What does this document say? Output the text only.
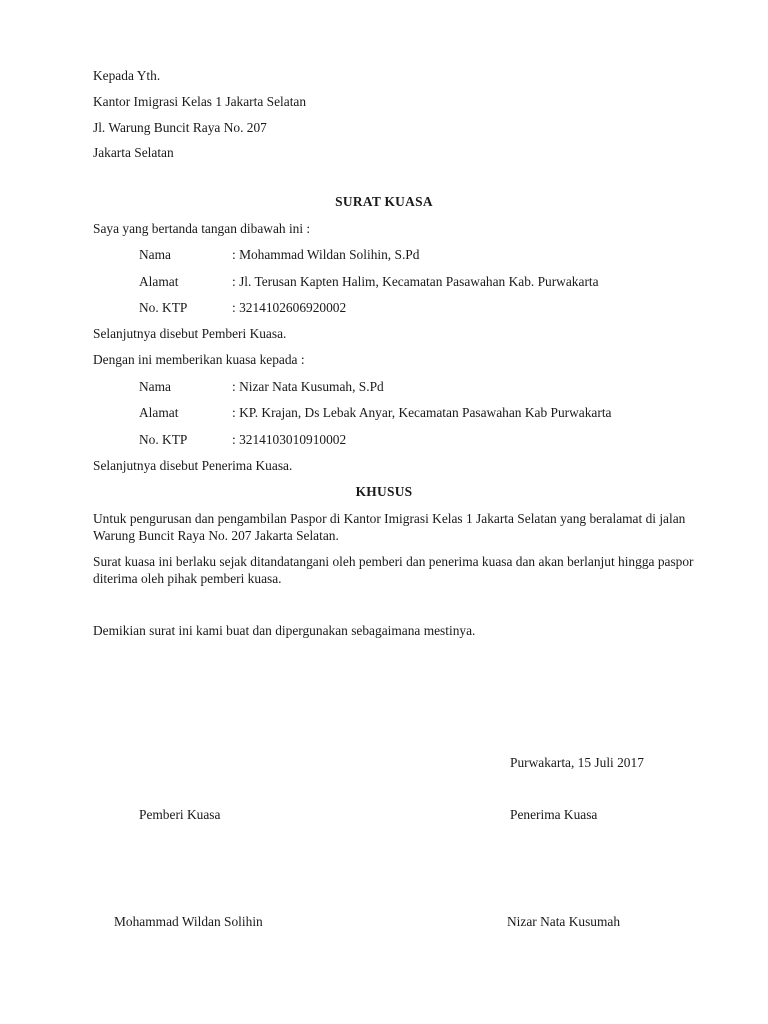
Kepada Yth.
Kantor Imigrasi Kelas 1 Jakarta Selatan
Jl. Warung Buncit Raya No. 207
Jakarta Selatan
SURAT KUASA
Saya yang bertanda tangan dibawah ini :
Nama	: Mohammad Wildan Solihin, S.Pd
Alamat	: Jl. Terusan Kapten Halim, Kecamatan Pasawahan Kab. Purwakarta
No. KTP	: 3214102606920002
Selanjutnya disebut Pemberi Kuasa.
Dengan ini memberikan kuasa kepada :
Nama	: Nizar Nata Kusumah, S.Pd
Alamat	: KP. Krajan, Ds Lebak Anyar, Kecamatan Pasawahan Kab Purwakarta
No. KTP	: 3214103010910002
Selanjutnya disebut Penerima Kuasa.
KHUSUS
Untuk pengurusan dan pengambilan Paspor di Kantor Imigrasi Kelas 1 Jakarta Selatan yang beralamat di jalan Warung Buncit Raya No. 207 Jakarta Selatan.
Surat kuasa ini berlaku sejak ditandatangani oleh pemberi dan penerima kuasa dan akan berlanjut hingga paspor diterima oleh pihak pemberi kuasa.
Demikian surat ini kami buat dan dipergunakan sebagaimana mestinya.
Purwakarta, 15 Juli 2017
Pemberi Kuasa	Penerima Kuasa
Mohammad Wildan Solihin	Nizar Nata Kusumah
